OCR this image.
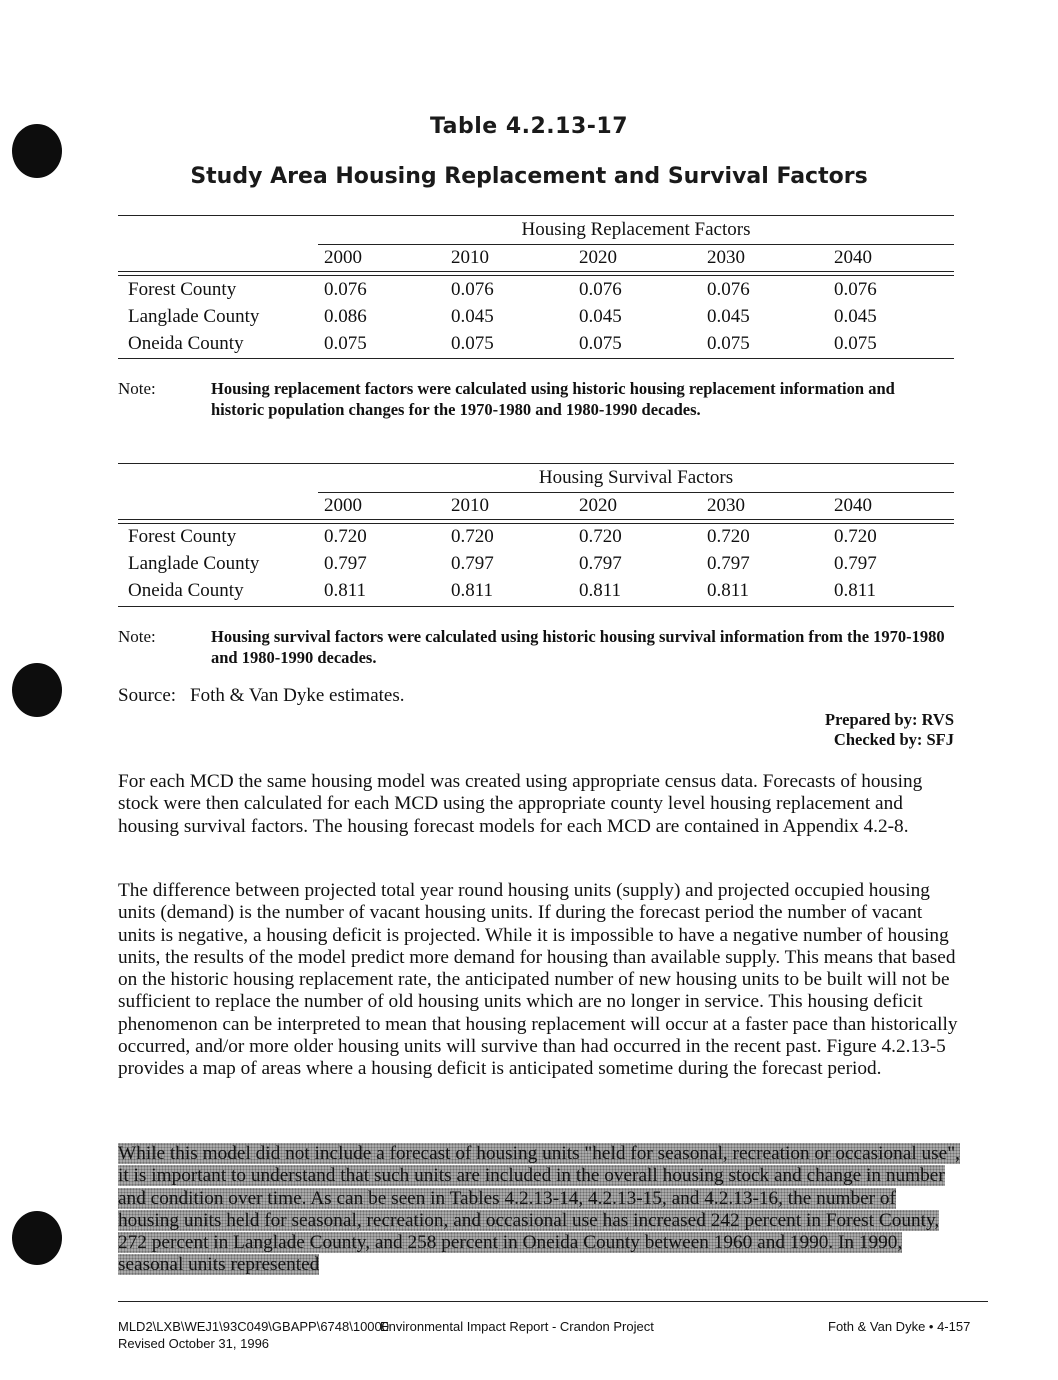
Table 4.2.13-17
Study Area Housing Replacement and Survival Factors
Housing Replacement Factors
2000	2010	2020	2030	2040
Forest County	0.076	0.076	0.076	0.076	0.076
Langlade County	0.086	0.045	0.045	0.045	0.045
Oneida County	0.075	0.075	0.075	0.075	0.075
Note:	Housing replacement factors were calculated using historic housing replacement information and historic population changes for the 1970-1980 and 1980-1990 decades.
Housing Survival Factors
2000	2010	2020	2030	2040
Forest County	0.720	0.720	0.720	0.720	0.720
Langlade County	0.797	0.797	0.797	0.797	0.797
Oneida County	0.811	0.811	0.811	0.811	0.811
Note:	Housing survival factors were calculated using historic housing survival information from the 1970-1980 and 1980-1990 decades.
Source: Foth & Van Dyke estimates.
Prepared by: RVS
Checked by: SFJ

For each MCD the same housing model was created using appropriate census data. Forecasts of housing stock were then calculated for each MCD using the appropriate county level housing replacement and housing survival factors. The housing forecast models for each MCD are contained in Appendix 4.2-8.

The difference between projected total year round housing units (supply) and projected occupied housing units (demand) is the number of vacant housing units. If during the forecast period the number of vacant units is negative, a housing deficit is projected. While it is impossible to have a negative number of housing units, the results of the model predict more demand for housing than available supply. This means that based on the historic housing replacement rate, the anticipated number of new housing units to be built will not be sufficient to replace the number of old housing units which are no longer in service. This housing deficit phenomenon can be interpreted to mean that housing replacement will occur at a faster pace than historically occurred, and/or more older housing units will survive than had occurred in the recent past. Figure 4.2.13-5 provides a map of areas where a housing deficit is anticipated sometime during the forecast period.

While this model did not include a forecast of housing units "held for seasonal, recreation or occasional use", it is important to understand that such units are included in the overall housing stock and change in number and condition over time. As can be seen in Tables 4.2.13-14, 4.2.13-15, and 4.2.13-16, the number of housing units held for seasonal, recreation, and occasional use has increased 242 percent in Forest County, 272 percent in Langlade County, and 258 percent in Oneida County between 1960 and 1990. In 1990, seasonal units represented

MLD2\LXB\WEJ1\93C049\GBAPP\6748\10000
Environmental Impact Report - Crandon Project
Revised October 31, 1996
Foth & Van Dyke • 4-157
